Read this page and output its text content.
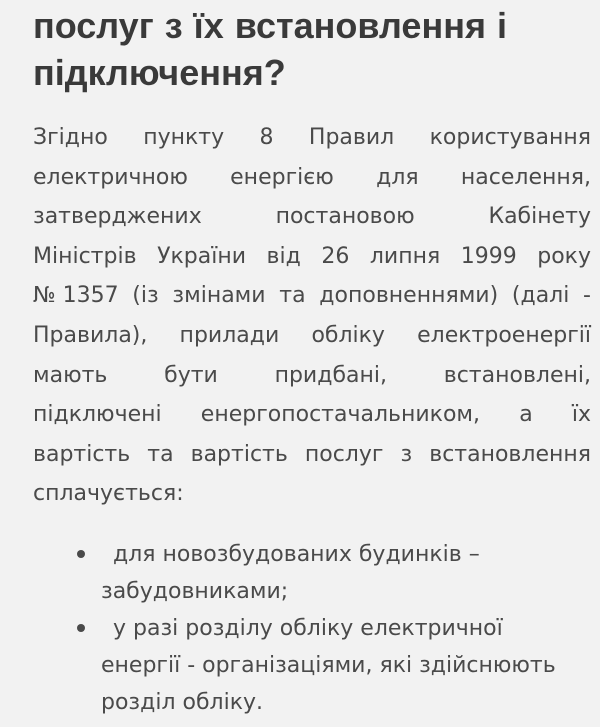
послуг з їх встановлення і
підключення?

Згідно пункту 8 Правил користування
електричною енергією для населення,
затверджених постановою Кабінету
Міністрів України від 26 липня 1999 року
№1357 (із змінами та доповненнями) (далі -
Правила), прилади обліку електроенергії
мають бути придбані, встановлені,
підключені енергопостачальником, а їх
вартість та вартість послуг з встановлення
сплачується:

для новозбудованих будинків –
забудовниками;
у разі розділу обліку електричної
енергії - організаціями, які здійснюють
розділ обліку.
